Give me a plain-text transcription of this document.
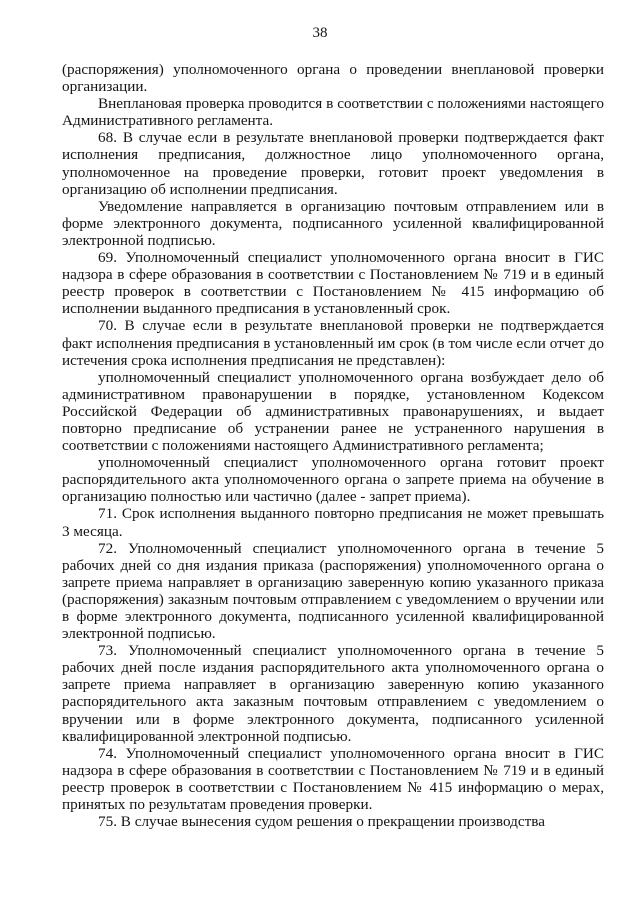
38

(распоряжения) уполномоченного органа о проведении внеплановой проверки организации.

Внеплановая проверка проводится в соответствии с положениями настоящего Административного регламента.

68. В случае если в результате внеплановой проверки подтверждается факт исполнения предписания, должностное лицо уполномоченного органа, уполномоченное на проведение проверки, готовит проект уведомления в организацию об исполнении предписания.

Уведомление направляется в организацию почтовым отправлением или в форме электронного документа, подписанного усиленной квалифицированной электронной подписью.

69. Уполномоченный специалист уполномоченного органа вносит в ГИС надзора в сфере образования в соответствии с Постановлением № 719 и в единый реестр проверок в соответствии с Постановлением № 415 информацию об исполнении выданного предписания в установленный срок.

70. В случае если в результате внеплановой проверки не подтверждается факт исполнения предписания в установленный им срок (в том числе если отчет до истечения срока исполнения предписания не представлен):

уполномоченный специалист уполномоченного органа возбуждает дело об административном правонарушении в порядке, установленном Кодексом Российской Федерации об административных правонарушениях, и выдает повторно предписание об устранении ранее не устраненного нарушения в соответствии с положениями настоящего Административного регламента;

уполномоченный специалист уполномоченного органа готовит проект распорядительного акта уполномоченного органа о запрете приема на обучение в организацию полностью или частично (далее - запрет приема).

71. Срок исполнения выданного повторно предписания не может превышать 3 месяца.

72. Уполномоченный специалист уполномоченного органа в течение 5 рабочих дней со дня издания приказа (распоряжения) уполномоченного органа о запрете приема направляет в организацию заверенную копию указанного приказа (распоряжения) заказным почтовым отправлением с уведомлением о вручении или в форме электронного документа, подписанного усиленной квалифицированной электронной подписью.

73. Уполномоченный специалист уполномоченного органа в течение 5 рабочих дней после издания распорядительного акта уполномоченного органа о запрете приема направляет в организацию заверенную копию указанного распорядительного акта заказным почтовым отправлением с уведомлением о вручении или в форме электронного документа, подписанного усиленной квалифицированной электронной подписью.

74. Уполномоченный специалист уполномоченного органа вносит в ГИС надзора в сфере образования в соответствии с Постановлением № 719 и в единый реестр проверок в соответствии с Постановлением № 415 информацию о мерах, принятых по результатам проведения проверки.

75. В случае вынесения судом решения о прекращении производства
